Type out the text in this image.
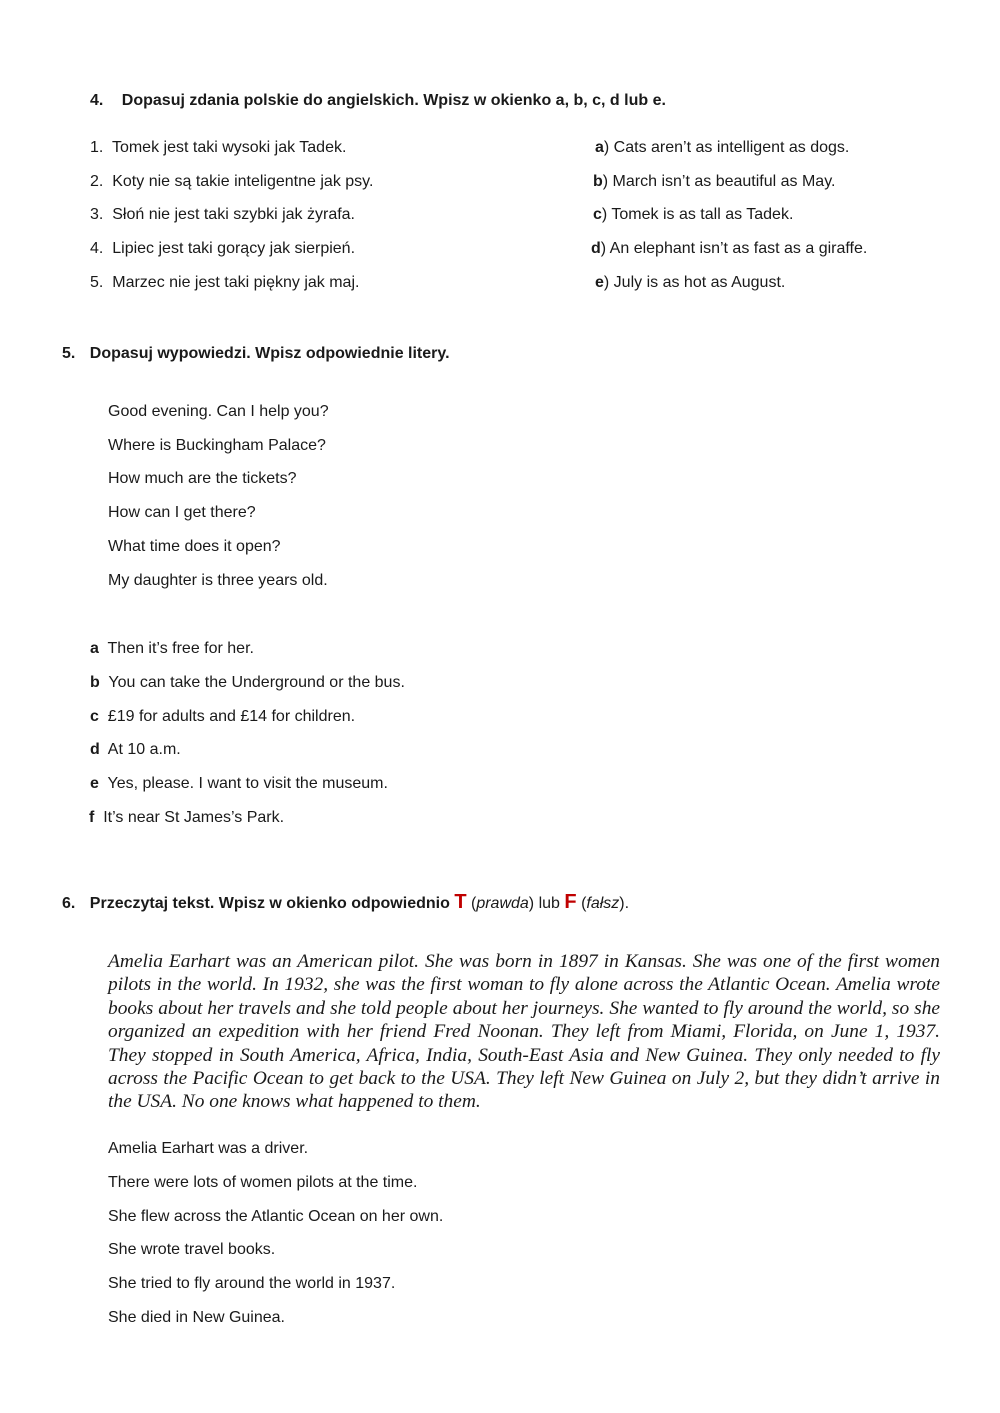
4. Dopasuj zdania polskie do angielskich. Wpisz w okienko a, b, c, d lub e.
1. Tomek jest taki wysoki jak Tadek.
2. Koty nie są takie inteligentne jak psy.
3. Słoń nie jest taki szybki jak żyrafa.
4. Lipiec jest taki gorący jak sierpień.
5. Marzec nie jest taki piękny jak maj.
a) Cats aren’t as intelligent as dogs.
b) March isn’t as beautiful as May.
c) Tomek is as tall as Tadek.
d) An elephant isn’t as fast as a giraffe.
e) July is as hot as August.
5. Dopasuj wypowiedzi. Wpisz odpowiednie litery.
Good evening. Can I help you?
Where is Buckingham Palace?
How much are the tickets?
How can I get there?
What time does it open?
My daughter is three years old.
a Then it’s free for her.
b You can take the Underground or the bus.
c £19 for adults and £14 for children.
d At 10 a.m.
e Yes, please. I want to visit the museum.
f It’s near St James’s Park.
6. Przeczytaj tekst. Wpisz w okienko odpowiednio T (prawda) lub F (fałsz).
Amelia Earhart was an American pilot. She was born in 1897 in Kansas. She was one of the first women pilots in the world. In 1932, she was the first woman to fly alone across the Atlantic Ocean. Amelia wrote books about her travels and she told people about her journeys. She wanted to fly around the world, so she organized an expedition with her friend Fred Noonan. They left from Miami, Florida, on June 1, 1937. They stopped in South America, Africa, India, South-East Asia and New Guinea. They only needed to fly across the Pacific Ocean to get back to the USA. They left New Guinea on July 2, but they didn’t arrive in the USA. No one knows what happened to them.
Amelia Earhart was a driver.
There were lots of women pilots at the time.
She flew across the Atlantic Ocean on her own.
She wrote travel books.
She tried to fly around the world in 1937.
She died in New Guinea.
